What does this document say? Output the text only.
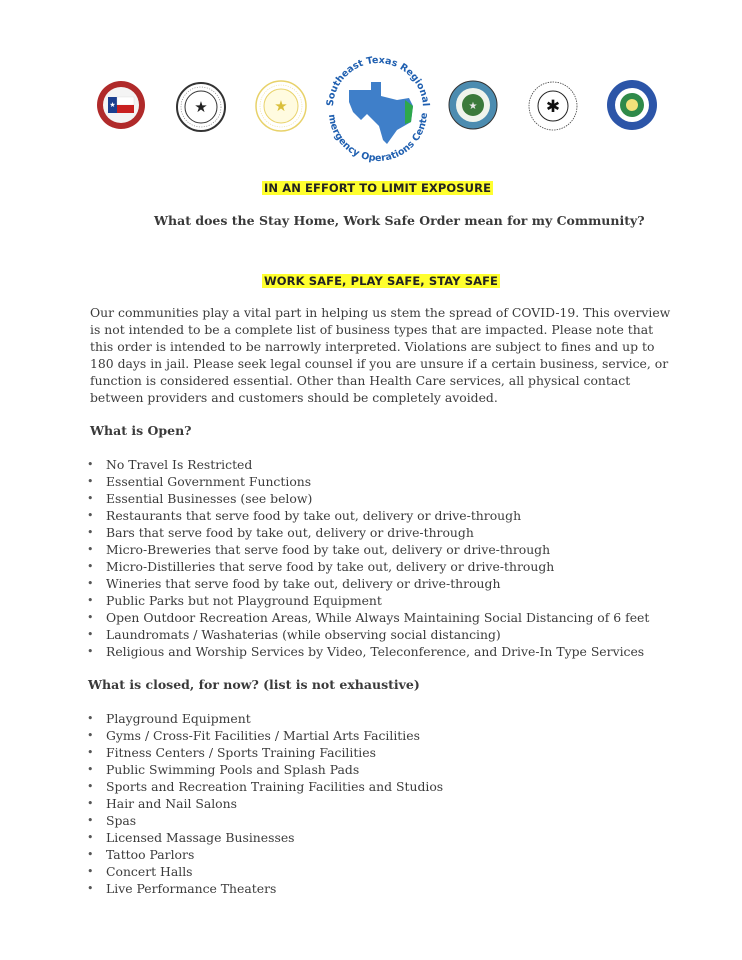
★	★	★	Southeast Texas Regional
Emergency Operations Center
★	✱
IN AN EFFORT TO LIMIT EXPOSURE
What does the Stay Home, Work Safe Order mean for my Community?
WORK SAFE, PLAY SAFE, STAY SAFE
Our communities play a vital part in helping us stem the spread of COVID-19. This overview
is not intended to be a complete list of business types that are impacted. Please note that
this order is intended to be narrowly interpreted. Violations are subject to fines and up to
180 days in jail. Please seek legal counsel if you are unsure if a certain business, service, or
function is considered essential. Other than Health Care services, all physical contact
between providers and customers should be completely avoided.
What is Open?
• No Travel Is Restricted
• Essential Government Functions
• Essential Businesses (see below)
• Restaurants that serve food by take out, delivery or drive-through
• Bars that serve food by take out, delivery or drive-through
• Micro-Breweries that serve food by take out, delivery or drive-through
• Micro-Distilleries that serve food by take out, delivery or drive-through
• Wineries that serve food by take out, delivery or drive-through
• Public Parks but not Playground Equipment
• Open Outdoor Recreation Areas, While Always Maintaining Social Distancing of 6 feet
• Laundromats / Washaterias (while observing social distancing)
• Religious and Worship Services by Video, Teleconference, and Drive-In Type Services
What is closed, for now? (list is not exhaustive)
• Playground Equipment
• Gyms / Cross-Fit Facilities / Martial Arts Facilities
• Fitness Centers / Sports Training Facilities
• Public Swimming Pools and Splash Pads
• Sports and Recreation Training Facilities and Studios
• Hair and Nail Salons
• Spas
• Licensed Massage Businesses
• Tattoo Parlors
• Concert Halls
• Live Performance Theaters
